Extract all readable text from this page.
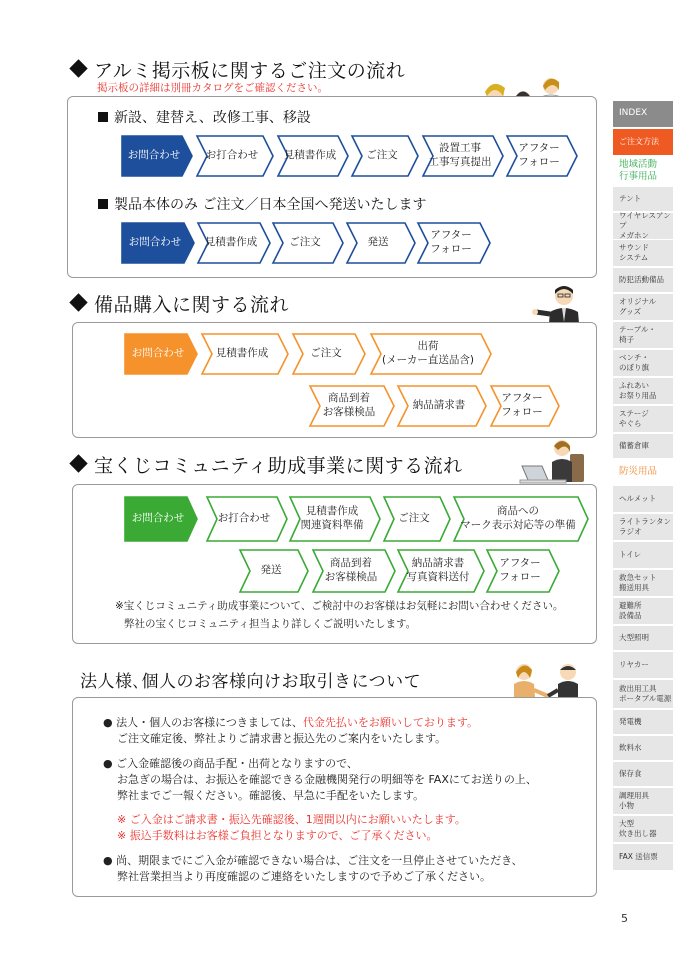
アルミ掲示板に関するご注文の流れ
掲示板の詳細は別冊カタログをご確認ください。
新設、建替え、改修工事、移設
製品本体のみ ご注文／日本全国へ発送いたします
お問合わせ	お打合わせ	見積書作成	ご注文
設置工事
工事写真提出
アフター
フォロー
お問合わせ	見積書作成	ご注文	発送
アフター
フォロー
備品購入に関する流れ
お問合わせ	見積書作成	ご注文
出荷
(メーカー直送品含)
商品到着
お客様検品
納品請求書
アフター
フォロー
宝くじコミュニティ助成事業に関する流れ
お問合わせ	お打合わせ
見積書作成
関連資料準備
ご注文
商品への
マーク表示対応等の準備
発送
商品到着
お客様検品
納品請求書
写真資料送付
アフター
フォロー
※宝くじコミュニティ助成事業について、ご検討中のお客様はお気軽にお問い合わせください。
弊社の宝くじコミュニティ担当より詳しくご説明いたします。
法人様､個人のお客様向けお取引きについて
● 法人・個人のお客様につきましては、代金先払いをお願いしております。
ご注文確定後、弊社よりご請求書と振込先のご案内をいたします。
● ご入金確認後の商品手配・出荷となりますので、
お急ぎの場合は、お振込を確認できる金融機関発行の明細等を FAXにてお送りの上、
弊社までご一報ください。確認後、早急に手配をいたします。
※ ご入金はご請求書・振込先確認後、1週間以内にお願いいたします。
※ 振込手数料はお客様ご負担となりますので、ご了承ください。
● 尚、期限までにご入金が確認できない場合は、ご注文を一旦停止させていただき、
弊社営業担当より再度確認のご連絡をいたしますので予めご了承ください。
INDEX
ご注文方法
地域活動
行事用品
テント
ワイヤレスアンプ
メガホン
サウンド
システム
防犯活動備品
オリジナル
グッズ
テーブル・
椅子
ベンチ・
のぼり旗
ふれあい
お祭り用品
ステージ
やぐら
備蓄倉庫
防災用品
ヘルメット
ライトランタン
ラジオ
トイレ
救急セット
搬送用具
避難所
設備品
大型照明
リヤカー
救出用工具
ポータブル電源
発電機
飲料水
保存食
調理用具
小物
大型
炊き出し器
FAX 送信票
5
